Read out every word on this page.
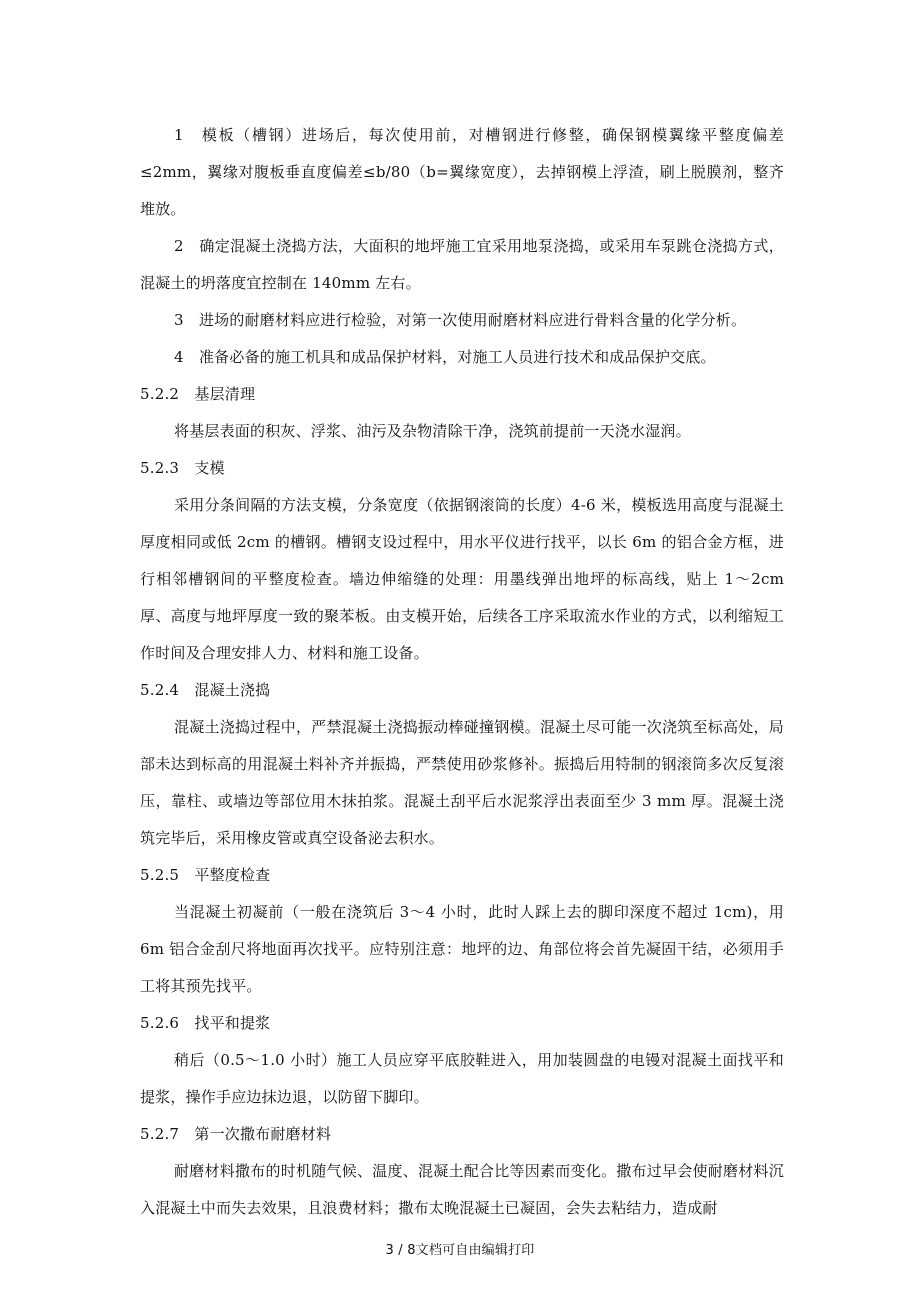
1　模板（槽钢）进场后，每次使用前，对槽钢进行修整，确保钢模翼缘平整度偏差≤2mm，翼缘对腹板垂直度偏差≤b/80（b=翼缘宽度），去掉钢模上浮渣，刷上脱膜剂，整齐堆放。

2　确定混凝土浇捣方法，大面积的地坪施工宜采用地泵浇捣，或采用车泵跳仓浇捣方式，混凝土的坍落度宜控制在 140mm 左右。

3　进场的耐磨材料应进行检验，对第一次使用耐磨材料应进行骨料含量的化学分析。

4　准备必备的施工机具和成品保护材料，对施工人员进行技术和成品保护交底。

5.2.2　基层清理

将基层表面的积灰、浮浆、油污及杂物清除干净，浇筑前提前一天浇水湿润。

5.2.3　支模

采用分条间隔的方法支模，分条宽度（依据钢滚筒的长度）4-6 米，模板选用高度与混凝土厚度相同或低 2cm 的槽钢。槽钢支设过程中，用水平仪进行找平，以长 6m 的铝合金方框，进行相邻槽钢间的平整度检查。墙边伸缩缝的处理：用墨线弹出地坪的标高线，贴上 1～2cm 厚、高度与地坪厚度一致的聚苯板。由支模开始，后续各工序采取流水作业的方式，以利缩短工作时间及合理安排人力、材料和施工设备。

5.2.4　混凝土浇捣

混凝土浇捣过程中，严禁混凝土浇捣振动棒碰撞钢模。混凝土尽可能一次浇筑至标高处，局部未达到标高的用混凝土料补齐并振捣，严禁使用砂浆修补。振捣后用特制的钢滚筒多次反复滚压，靠柱、或墙边等部位用木抹拍浆。混凝土刮平后水泥浆浮出表面至少 3 mm 厚。混凝土浇筑完毕后，采用橡皮管或真空设备泌去积水。

5.2.5　平整度检查

当混凝土初凝前（一般在浇筑后 3～4 小时，此时人踩上去的脚印深度不超过 1cm)，用 6m 铝合金刮尺将地面再次找平。应特别注意：地坪的边、角部位将会首先凝固干结，必须用手工将其预先找平。

5.2.6　找平和提浆

稍后（0.5～1.0 小时）施工人员应穿平底胶鞋进入，用加装圆盘的电镘对混凝土面找平和提浆，操作手应边抹边退，以防留下脚印。

5.2.7　第一次撒布耐磨材料

耐磨材料撒布的时机随气候、温度、混凝土配合比等因素而变化。撒布过早会使耐磨材料沉入混凝土中而失去效果，且浪费材料；撒布太晚混凝土已凝固，会失去粘结力，造成耐

3 / 8文档可自由编辑打印
